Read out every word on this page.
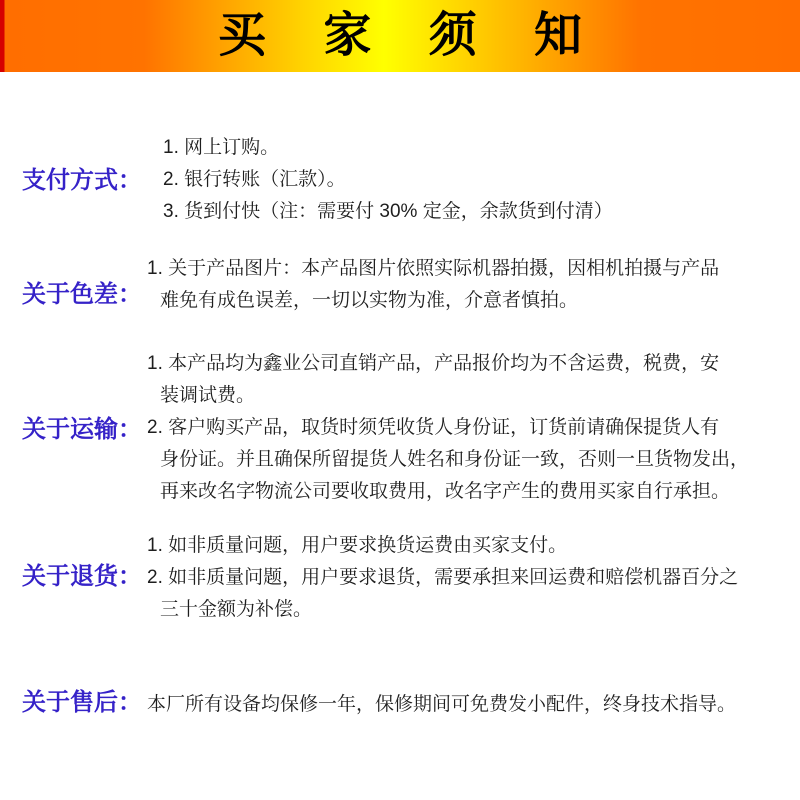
买 家 须 知
支付方式：
1. 网上订购。
2. 银行转账（汇款）。
3. 货到付快（注：需要付 30% 定金，余款货到付清）
关于色差：
1. 关于产品图片：本产品图片依照实际机器拍摄，因相机拍摄与产品
难免有成色误差，一切以实物为准，介意者慎拍。
关于运输：
1. 本产品均为鑫业公司直销产品，产品报价均为不含运费，税费，安
装调试费。
2. 客户购买产品，取货时须凭收货人身份证，订货前请确保提货人有
身份证。并且确保所留提货人姓名和身份证一致，否则一旦货物发出，
再来改名字物流公司要收取费用，改名字产生的费用买家自行承担。
关于退货：
1. 如非质量问题，用户要求换货运费由买家支付。
2. 如非质量问题，用户要求退货，需要承担来回运费和赔偿机器百分之
三十金额为补偿。
关于售后： 本厂所有设备均保修一年，保修期间可免费发小配件，终身技术指导。
